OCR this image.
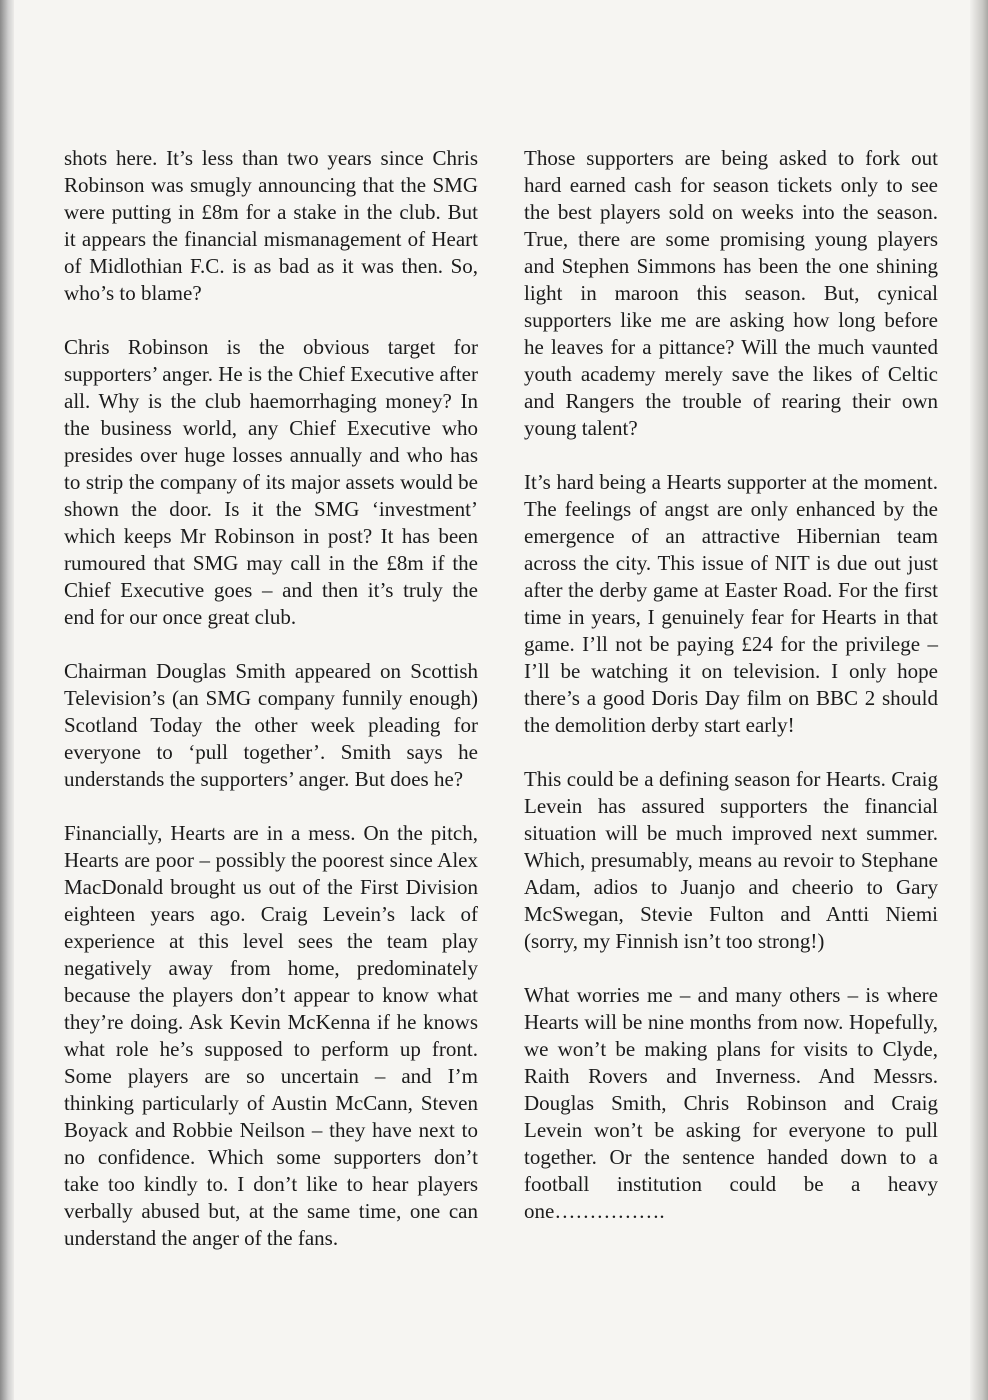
shots here. It’s less than two years since Chris Robinson was smugly announcing that the SMG were putting in £8m for a stake in the club. But it appears the financial mismanagement of Heart of Midlothian F.C. is as bad as it was then. So, who’s to blame?

Chris Robinson is the obvious target for supporters’ anger. He is the Chief Executive after all. Why is the club haemorrhaging money? In the business world, any Chief Executive who presides over huge losses annually and who has to strip the company of its major assets would be shown the door. Is it the SMG ‘investment’ which keeps Mr Robinson in post? It has been rumoured that SMG may call in the £8m if the Chief Executive goes – and then it’s truly the end for our once great club.

Chairman Douglas Smith appeared on Scottish Television’s (an SMG company funnily enough) Scotland Today the other week pleading for everyone to ‘pull together’. Smith says he understands the supporters’ anger. But does he?

Financially, Hearts are in a mess. On the pitch, Hearts are poor – possibly the poorest since Alex MacDonald brought us out of the First Division eighteen years ago. Craig Levein’s lack of experience at this level sees the team play negatively away from home, predominately because the players don’t appear to know what they’re doing. Ask Kevin McKenna if he knows what role he’s supposed to perform up front. Some players are so uncertain – and I’m thinking particularly of Austin McCann, Steven Boyack and Robbie Neilson – they have next to no confidence. Which some supporters don’t take too kindly to. I don’t like to hear players verbally abused but, at the same time, one can understand the anger of the fans.

Those supporters are being asked to fork out hard earned cash for season tickets only to see the best players sold on weeks into the season. True, there are some promising young players and Stephen Simmons has been the one shining light in maroon this season. But, cynical supporters like me are asking how long before he leaves for a pittance? Will the much vaunted youth academy merely save the likes of Celtic and Rangers the trouble of rearing their own young talent?

It’s hard being a Hearts supporter at the moment. The feelings of angst are only enhanced by the emergence of an attractive Hibernian team across the city. This issue of NIT is due out just after the derby game at Easter Road. For the first time in years, I genuinely fear for Hearts in that game. I’ll not be paying £24 for the privilege – I’ll be watching it on television. I only hope there’s a good Doris Day film on BBC 2 should the demolition derby start early!

This could be a defining season for Hearts. Craig Levein has assured supporters the financial situation will be much improved next summer. Which, presumably, means au revoir to Stephane Adam, adios to Juanjo and cheerio to Gary McSwegan, Stevie Fulton and Antti Niemi (sorry, my Finnish isn’t too strong!)

What worries me – and many others – is where Hearts will be nine months from now. Hopefully, we won’t be making plans for visits to Clyde, Raith Rovers and Inverness. And Messrs. Douglas Smith, Chris Robinson and Craig Levein won’t be asking for everyone to pull together. Or the sentence handed down to a football institution could be a heavy one…………….
